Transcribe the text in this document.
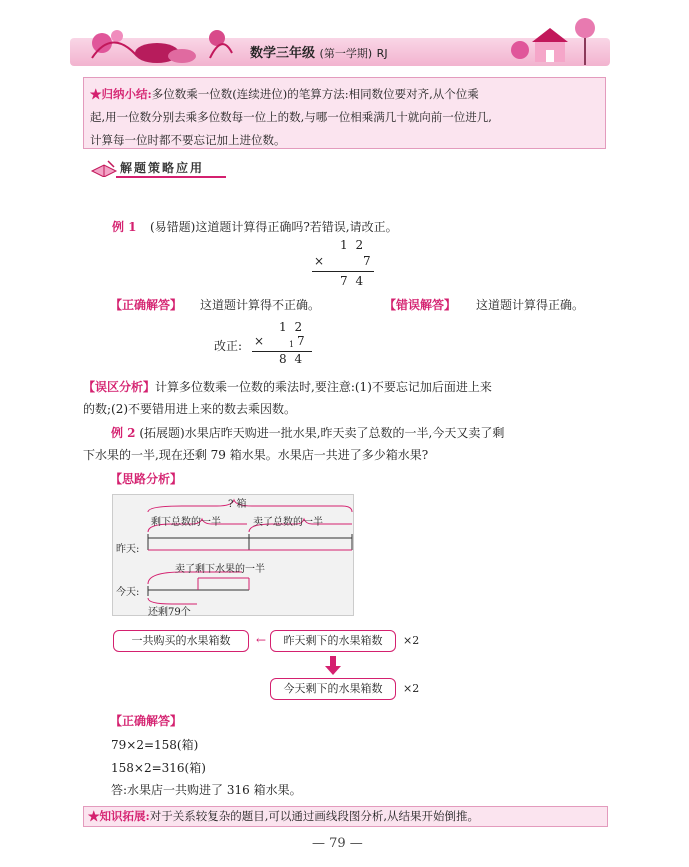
数学三年级 (第一学期) RJ
★归纳小结:多位数乘一位数(连续进位)的笔算方法:相同数位要对齐,从个位乘
起,用一位数分别去乘多位数每一位上的数,与哪一位相乘满几十就向前一位进几,
计算每一位时都不要忘记加上进位数。
解题策略应用
例 1 (易错题)这道题计算得正确吗?若错误,请改正。
1 2
×	7
7 4
【正确解答】 这道题计算得不正确。	【错误解答】 这道题计算得正确。
1 2
改正: ×	1 7
8 4
【误区分析】计算多位数乘一位数的乘法时,要注意:(1)不要忘记加后面进上来
的数;(2)不要错用进上来的数去乘因数。
例 2 (拓展题)水果店昨天购进一批水果,昨天卖了总数的一半,今天又卖了剩
下水果的一半,现在还剩 79 箱水果。水果店一共进了多少箱水果?
【思路分析】
? 箱
剩下总数的一半	卖了总数的一半
昨天:
卖了剩下水果的一半
今天:
还剩79个
一共购买的水果箱数	←	昨天剩下的水果箱数	×2
今天剩下的水果箱数	×2
【正确解答】
79×2=158(箱)
158×2=316(箱)
答:水果店一共购进了 316 箱水果。
★知识拓展:对于关系较复杂的题目,可以通过画线段图分析,从结果开始倒推。
— 79 —
